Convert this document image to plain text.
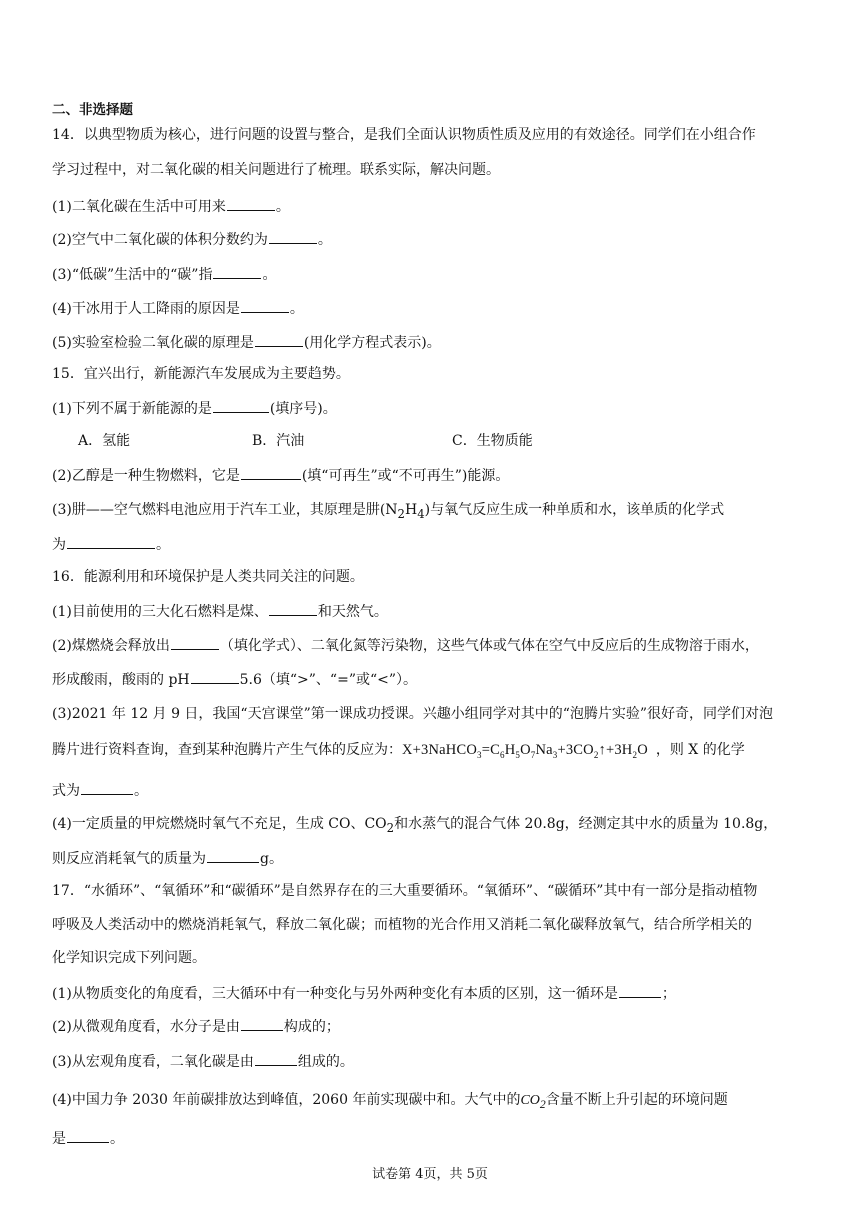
二、非选择题
14．以典型物质为核心，进行问题的设置与整合，是我们全面认识物质性质及应用的有效途径。同学们在小组合作
学习过程中，对二氧化碳的相关问题进行了梳理。联系实际，解决问题。
(1)二氧化碳在生活中可用来	。
(2)空气中二氧化碳的体积分数约为	。
(3)“低碳”生活中的“碳”指	。
(4)干冰用于人工降雨的原因是	。
(5)实验室检验二氧化碳的原理是	(用化学方程式表示)。
15．宜兴出行，新能源汽车发展成为主要趋势。
(1)下列不属于新能源的是	(填序号)。
A．氢能	B．汽油	C．生物质能
(2)乙醇是一种生物燃料，它是	(填“可再生”或“不可再生”)能源。
(3)肼——空气燃料电池应用于汽车工业，其原理是肼$(N_2H_4)$与氧气反应生成一种单质和水，该单质的化学式
为	。
16．能源利用和环境保护是人类共同关注的问题。
(1)目前使用的三大化石燃料是煤、	和天然气。
(2)煤燃烧会释放出	（填化学式）、二氧化氮等污染物，这些气体或气体在空气中反应后的生成物溶于雨水，
形成酸雨，酸雨的 pH	5.6（填“>”、“=”或“<”）。
(3)2021 年 12 月 9 日，我国“天宫课堂”第一课成功授课。兴趣小组同学对其中的“泡腾片实验”很好奇，同学们对泡
腾片进行资料查询，查到某种泡腾片产生气体的反应为：$X+3NaHCO_3=C_6H_5O_7Na_3+3CO_2↑+3H_2O$ ，则 X 的化学
式为	。
(4)一定质量的甲烷燃烧时氧气不充足，生成 CO、$CO_2$和水蒸气的混合气体 20.8g，经测定其中水的质量为 10.8g，
则反应消耗氧气的质量为	g。
17．“水循环”、“氧循环”和“碳循环”是自然界存在的三大重要循环。“氧循环”、“碳循环”其中有一部分是指动植物
呼吸及人类活动中的燃烧消耗氧气，释放二氧化碳；而植物的光合作用又消耗二氧化碳释放氧气，结合所学相关的
化学知识完成下列问题。
(1)从物质变化的角度看，三大循环中有一种变化与另外两种变化有本质的区别，这一循环是	；
(2)从微观角度看，水分子是由	构成的；
(3)从宏观角度看，二氧化碳是由	组成的。
(4)中国力争 2030 年前碳排放达到峰值，2060 年前实现碳中和。大气中的$CO_2$含量不断上升引起的环境问题
是	。
试卷第 4页，共 5页
